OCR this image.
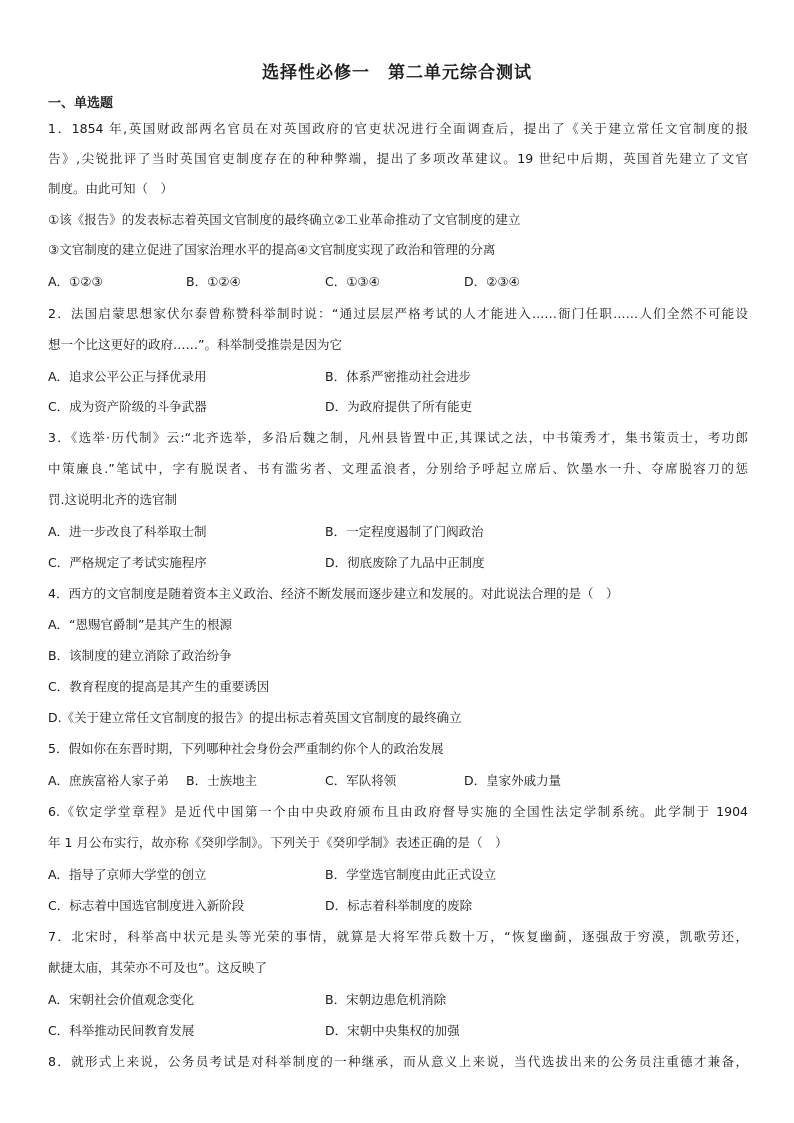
选择性必修一　第二单元综合测试
一、单选题
1．1854 年,英国财政部两名官员在对英国政府的官吏状况进行全面调查后，提出了《关于建立常任文官制度的报
告》,尖锐批评了当时英国官吏制度存在的种种弊端，提出了多项改革建议。19 世纪中后期，英国首先建立了文官
制度。由此可知（　）
①该《报告》的发表标志着英国文官制度的最终确立②工业革命推动了文官制度的建立
③文官制度的建立促进了国家治理水平的提高④文官制度实现了政治和管理的分离
A．①②③	B．①②④	C．①③④	D．②③④
2．法国启蒙思想家伏尔泰曾称赞科举制时说：“通过层层严格考试的人才能进入……衙门任职……人们全然不可能设
想一个比这更好的政府……”。科举制受推崇是因为它
A．追求公平公正与择优录用	B．体系严密推动社会进步
C．成为资产阶级的斗争武器	D．为政府提供了所有能吏
3．《选举·历代制》云:“北齐选举，多沿后魏之制，凡州县皆置中正,其课试之法，中书策秀才，集书策贡士，考功郎
中策廉良.”笔试中，字有脱误者、书有滥劣者、文理孟浪者，分别给予呼起立席后、饮墨水一升、夺席脱容刀的惩
罚.这说明北齐的选官制
A．进一步改良了科举取士制	B．一定程度遏制了门阀政治
C．严格规定了考试实施程序	D．彻底废除了九品中正制度
4．西方的文官制度是随着资本主义政治、经济不断发展而逐步建立和发展的。对此说法合理的是（　）
A．“恩赐官爵制”是其产生的根源
B．该制度的建立消除了政治纷争
C．教育程度的提高是其产生的重要诱因
D.《关于建立常任文官制度的报告》的提出标志着英国文官制度的最终确立
5．假如你在东晋时期，下列哪种社会身份会严重制约你个人的政治发展
A．庶族富裕人家子弟 B．士族地主	C．军队将领	D．皇家外戚力量
6.《钦定学堂章程》是近代中国第一个由中央政府颁布且由政府督导实施的全国性法定学制系统。此学制于 1904
年 1 月公布实行，故亦称《癸卯学制》。下列关于《癸卯学制》表述正确的是（　）
A．指导了京师大学堂的创立	B．学堂选官制度由此正式设立
C．标志着中国选官制度进入新阶段	D．标志着科举制度的废除
7．北宋时，科举高中状元是头等光荣的事情，就算是大将军带兵数十万，“恢复幽蓟，逐强敌于穷漠，凯歌劳还，
献捷太庙，其荣亦不可及也”。这反映了
A．宋朝社会价值观念变化	B．宋朝边患危机消除
C．科举推动民间教育发展	D．宋朝中央集权的加强
8．就形式上来说，公务员考试是对科举制度的一种继承，而从意义上来说，当代选拔出来的公务员注重德才兼备，
